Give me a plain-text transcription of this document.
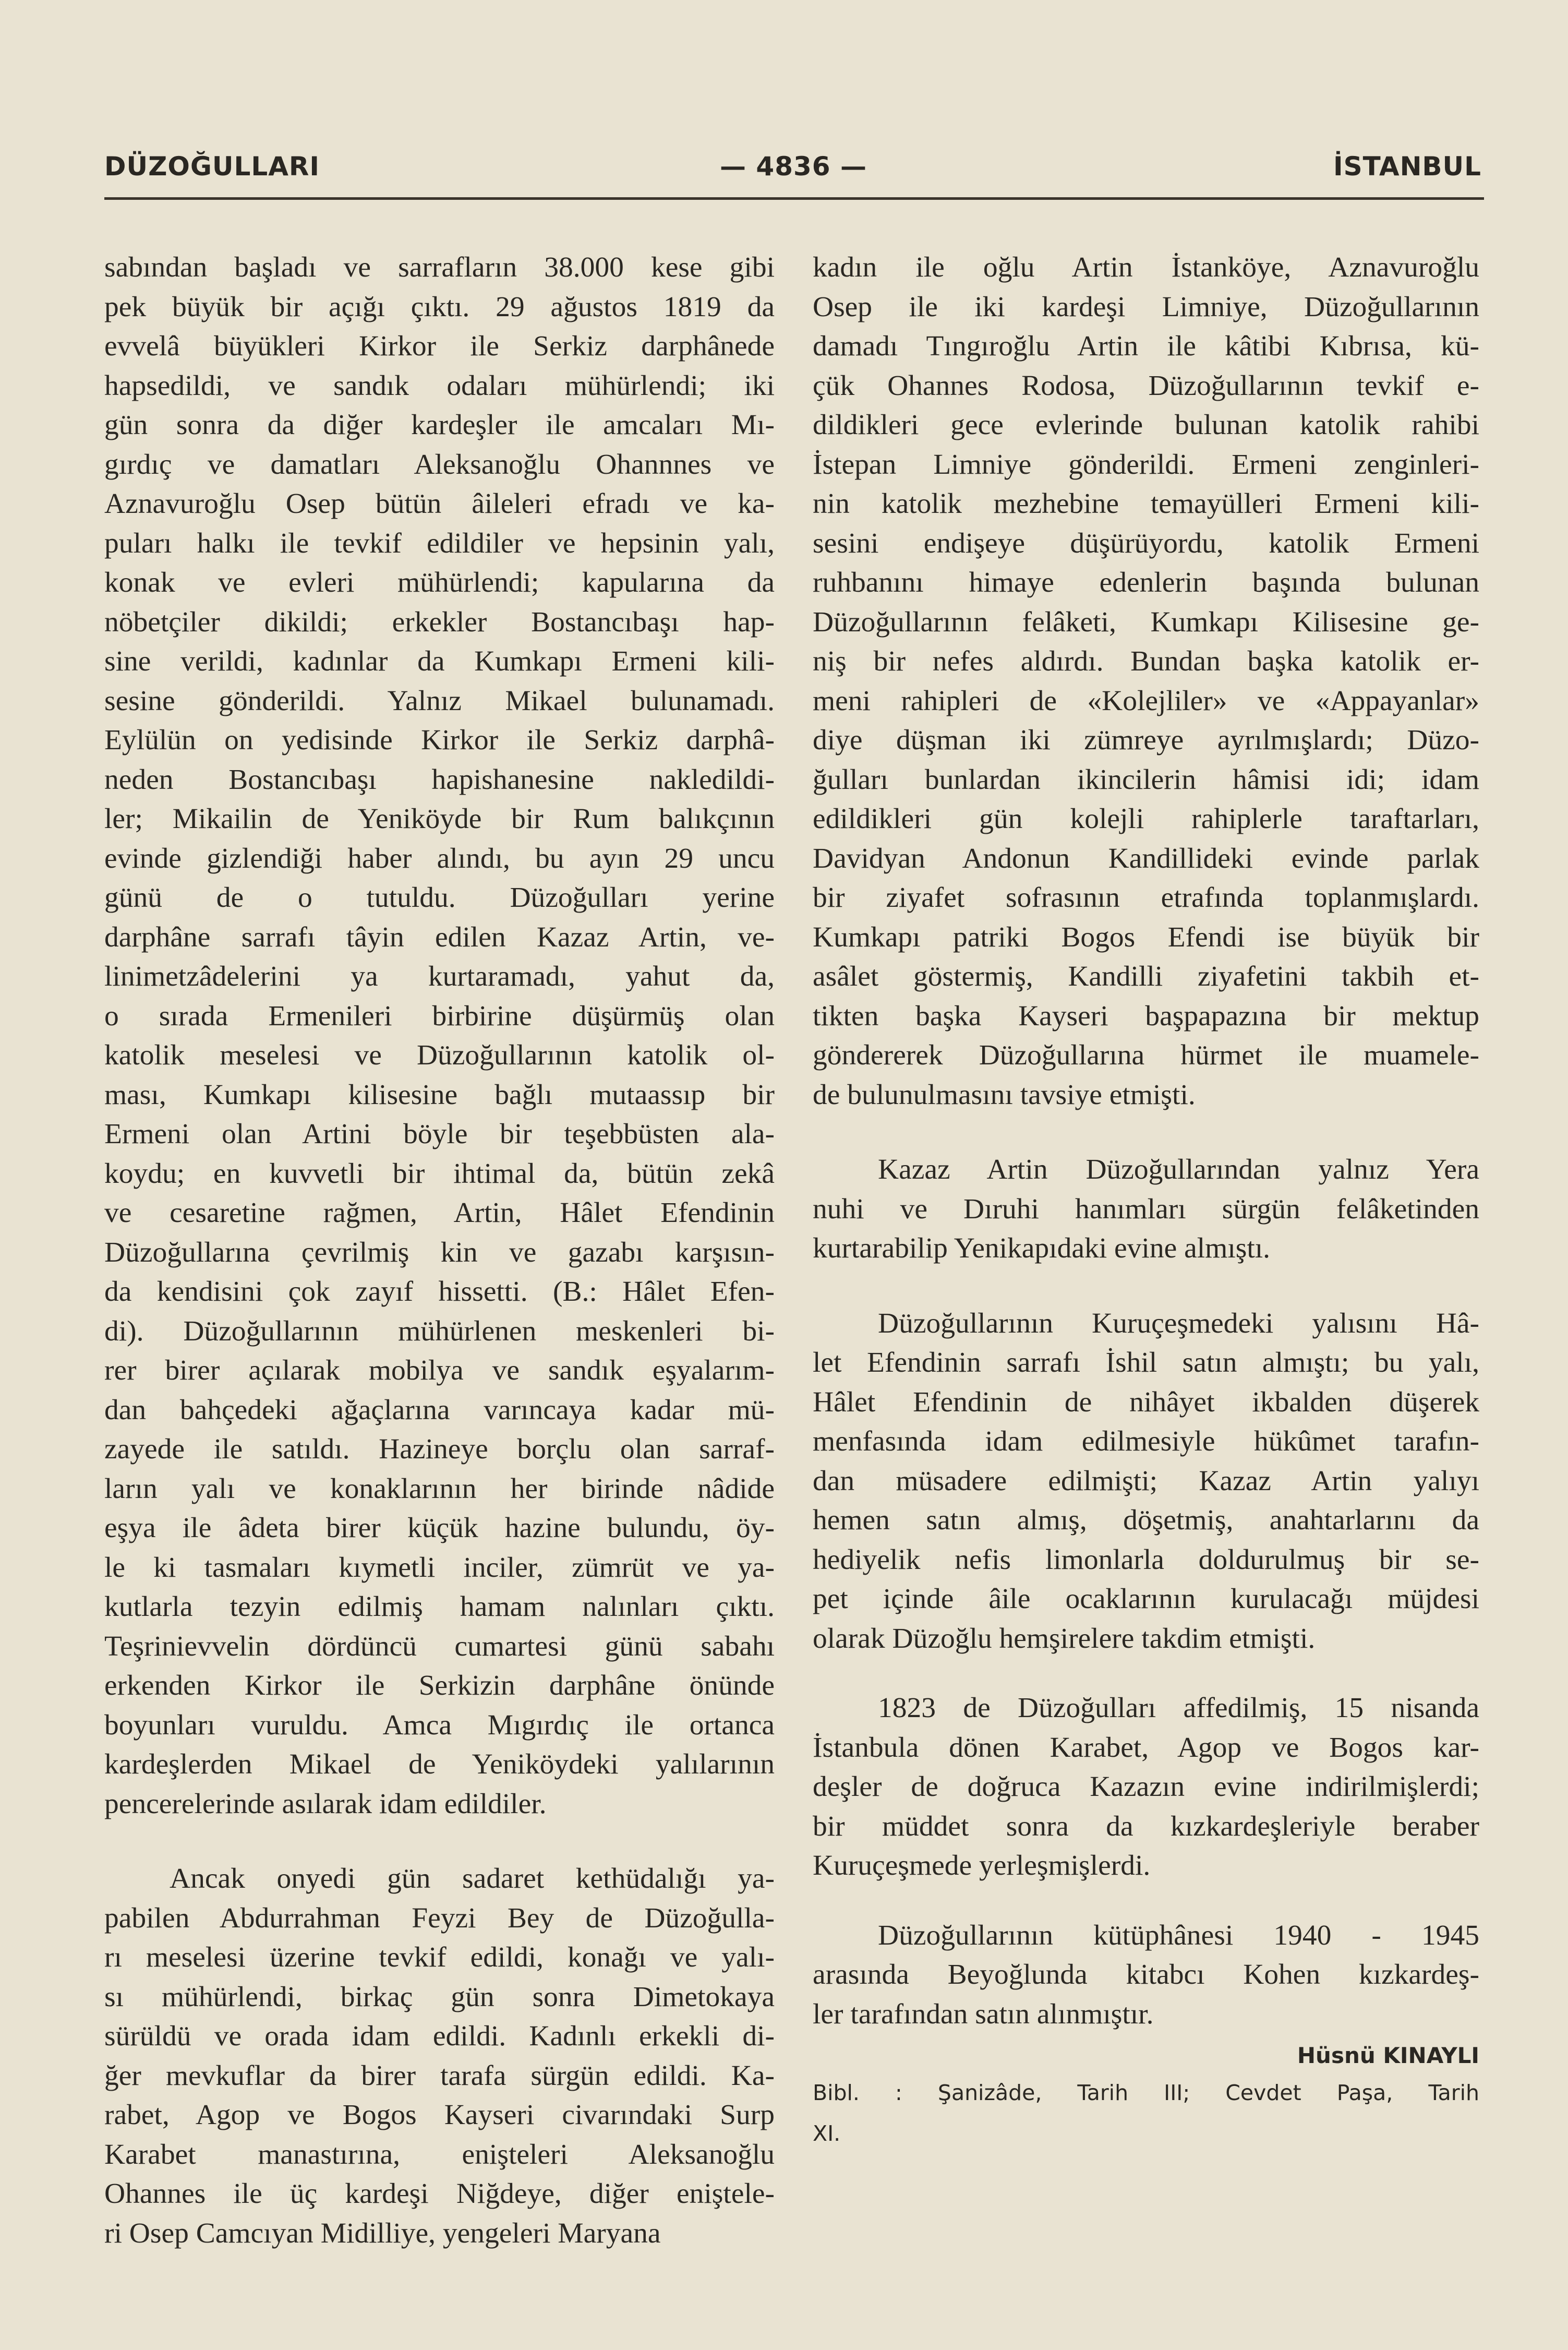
DÜZOĞULLARI	— 4836 —	İSTANBUL
sabından başladı ve sarrafların 38.000 kese gibi
pek büyük bir açığı çıktı. 29 ağustos 1819 da
evvelâ büyükleri Kirkor ile Serkiz darphânede
hapsedildi, ve sandık odaları mühürlendi; iki
gün sonra da diğer kardeşler ile amcaları Mı-
gırdıç ve damatları Aleksanoğlu Ohannnes ve
Aznavuroğlu Osep bütün âileleri efradı ve ka-
puları halkı ile tevkif edildiler ve hepsinin yalı,
konak ve evleri mühürlendi; kapularına da
nöbetçiler dikildi; erkekler Bostancıbaşı hap-
sine verildi, kadınlar da Kumkapı Ermeni kili-
sesine gönderildi. Yalnız Mikael bulunamadı.
Eylülün on yedisinde Kirkor ile Serkiz darphâ-
neden Bostancıbaşı hapishanesine nakledildi-
ler; Mikailin de Yeniköyde bir Rum balıkçının
evinde gizlendiği haber alındı, bu ayın 29 uncu
günü de o tutuldu. Düzoğulları yerine
darphâne sarrafı tâyin edilen Kazaz Artin, ve-
linimetzâdelerini ya kurtaramadı, yahut da,
o sırada Ermenileri birbirine düşürmüş olan
katolik meselesi ve Düzoğullarının katolik ol-
ması, Kumkapı kilisesine bağlı mutaassıp bir
Ermeni olan Artini böyle bir teşebbüsten ala-
koydu; en kuvvetli bir ihtimal da, bütün zekâ
ve cesaretine rağmen, Artin, Hâlet Efendinin
Düzoğullarına çevrilmiş kin ve gazabı karşısın-
da kendisini çok zayıf hissetti. (B.: Hâlet Efen-
di). Düzoğullarının mühürlenen meskenleri bi-
rer birer açılarak mobilya ve sandık eşyalarım-
dan bahçedeki ağaçlarına varıncaya kadar mü-
zayede ile satıldı. Hazineye borçlu olan sarraf-
ların yalı ve konaklarının her birinde nâdide
eşya ile âdeta birer küçük hazine bulundu, öy-
le ki tasmaları kıymetli inciler, zümrüt ve ya-
kutlarla tezyin edilmiş hamam nalınları çıktı.
Teşrinievvelin dördüncü cumartesi günü sabahı
erkenden Kirkor ile Serkizin darphâne önünde
boyunları vuruldu. Amca Mıgırdıç ile ortanca
kardeşlerden Mikael de Yeniköydeki yalılarının
pencerelerinde asılarak idam edildiler.
Ancak onyedi gün sadaret kethüdalığı ya-
pabilen Abdurrahman Feyzi Bey de Düzoğulla-
rı meselesi üzerine tevkif edildi, konağı ve yalı-
sı mühürlendi, birkaç gün sonra Dimetokaya
sürüldü ve orada idam edildi. Kadınlı erkekli di-
ğer mevkuflar da birer tarafa sürgün edildi. Ka-
rabet, Agop ve Bogos Kayseri civarındaki Surp
Karabet manastırına, enişteleri Aleksanoğlu
Ohannes ile üç kardeşi Niğdeye, diğer eniştele-
ri Osep Camcıyan Midilliye, yengeleri Maryana
kadın ile oğlu Artin İstanköye, Aznavuroğlu
Osep ile iki kardeşi Limniye, Düzoğullarının
damadı Tıngıroğlu Artin ile kâtibi Kıbrısa, kü-
çük Ohannes Rodosa, Düzoğullarının tevkif e-
dildikleri gece evlerinde bulunan katolik rahibi
İstepan Limniye gönderildi. Ermeni zenginleri-
nin katolik mezhebine temayülleri Ermeni kili-
sesini endişeye düşürüyordu, katolik Ermeni
ruhbanını himaye edenlerin başında bulunan
Düzoğullarının felâketi, Kumkapı Kilisesine ge-
niş bir nefes aldırdı. Bundan başka katolik er-
meni rahipleri de «Kolejliler» ve «Appayanlar»
diye düşman iki zümreye ayrılmışlardı; Düzo-
ğulları bunlardan ikincilerin hâmisi idi; idam
edildikleri gün kolejli rahiplerle taraftarları,
Davidyan Andonun Kandillideki evinde parlak
bir ziyafet sofrasının etrafında toplanmışlardı.
Kumkapı patriki Bogos Efendi ise büyük bir
asâlet göstermiş, Kandilli ziyafetini takbih et-
tikten başka Kayseri başpapazına bir mektup
göndererek Düzoğullarına hürmet ile muamele-
de bulunulmasını tavsiye etmişti.
Kazaz Artin Düzoğullarından yalnız Yera
nuhi ve Dıruhi hanımları sürgün felâketinden
kurtarabilip Yenikapıdaki evine almıştı.
Düzoğullarının Kuruçeşmedeki yalısını Hâ-
let Efendinin sarrafı İshil satın almıştı; bu yalı,
Hâlet Efendinin de nihâyet ikbalden düşerek
menfasında idam edilmesiyle hükûmet tarafın-
dan müsadere edilmişti; Kazaz Artin yalıyı
hemen satın almış, döşetmiş, anahtarlarını da
hediyelik nefis limonlarla doldurulmuş bir se-
pet içinde âile ocaklarının kurulacağı müjdesi
olarak Düzoğlu hemşirelere takdim etmişti.
1823 de Düzoğulları affedilmiş, 15 nisanda
İstanbula dönen Karabet, Agop ve Bogos kar-
deşler de doğruca Kazazın evine indirilmişlerdi;
bir müddet sonra da kızkardeşleriyle beraber
Kuruçeşmede yerleşmişlerdi.
Düzoğullarının kütüphânesi 1940 - 1945
arasında Beyoğlunda kitabcı Kohen kızkardeş-
ler tarafından satın alınmıştır.
Hüsnü KINAYLI
Bibl. : Şanizâde, Tarih III; Cevdet Paşa, Tarih
XI.
